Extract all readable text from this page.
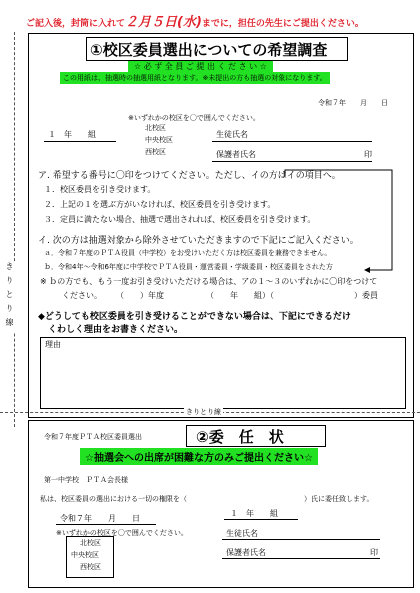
ご記入後，封筒に入れて２月５日(水)までに，担任の先生にご提出ください。
きりとり線
①校区委員選出についての希望調査
☆ 必 ず 全 員 ご 提 出 く だ さ い ☆
この用紙は、抽選時の抽選用紙となります。※未提出の方も抽選の対象になります。
令和７年　　月　　日
※いずれかの校区を〇で囲んでください。
１　年　　組
北校区
中央校区
西校区
生徒氏名
保護者氏名	印
ア. 希望する番号に〇印をつけてください。ただし、イの方はイの項目へ。
１．校区委員を引き受けます。
２．上記の１を選ぶ方がいなければ、校区委員を引き受けます。
３．定員に満たない場合、抽選で選出されれば、校区委員を引き受けます。
イ. 次の方は抽選対象から除外させていただきますので下記にご記入ください。
ａ．令和７年度のＰＴＡ役員（中学校）をお受けいただく方は校区委員を兼務できません。
ｂ．令和4年～令和6年度に中学校でＰＴＡ役員・運営委員・学級委員・校区委員をされた方
※ ｂの方でも、もう一度お引き受けいただける場合は、アの１～３のいずれかに〇印をつけて
ください。 （　　）年度	（　　年　　組）（	）委員
◆どうしても校区委員を引き受けることができない場合は、下記にできるだけ
くわしく理由をお書きください。
理由
きりとり線
令和７年度ＰＴＡ校区委員選出	②委　任　状
☆抽選会への出席が困難な方のみご提出ください☆
第一中学校　ＰＴＡ会長様
私は、校区委員の選出における一切の権限を（	）氏に委任致します。
令和７年　　月　　日
※いずれかの校区を〇で囲んでください。
北校区
中央校区
西校区
１　年　　組
生徒氏名
保護者氏名	印
